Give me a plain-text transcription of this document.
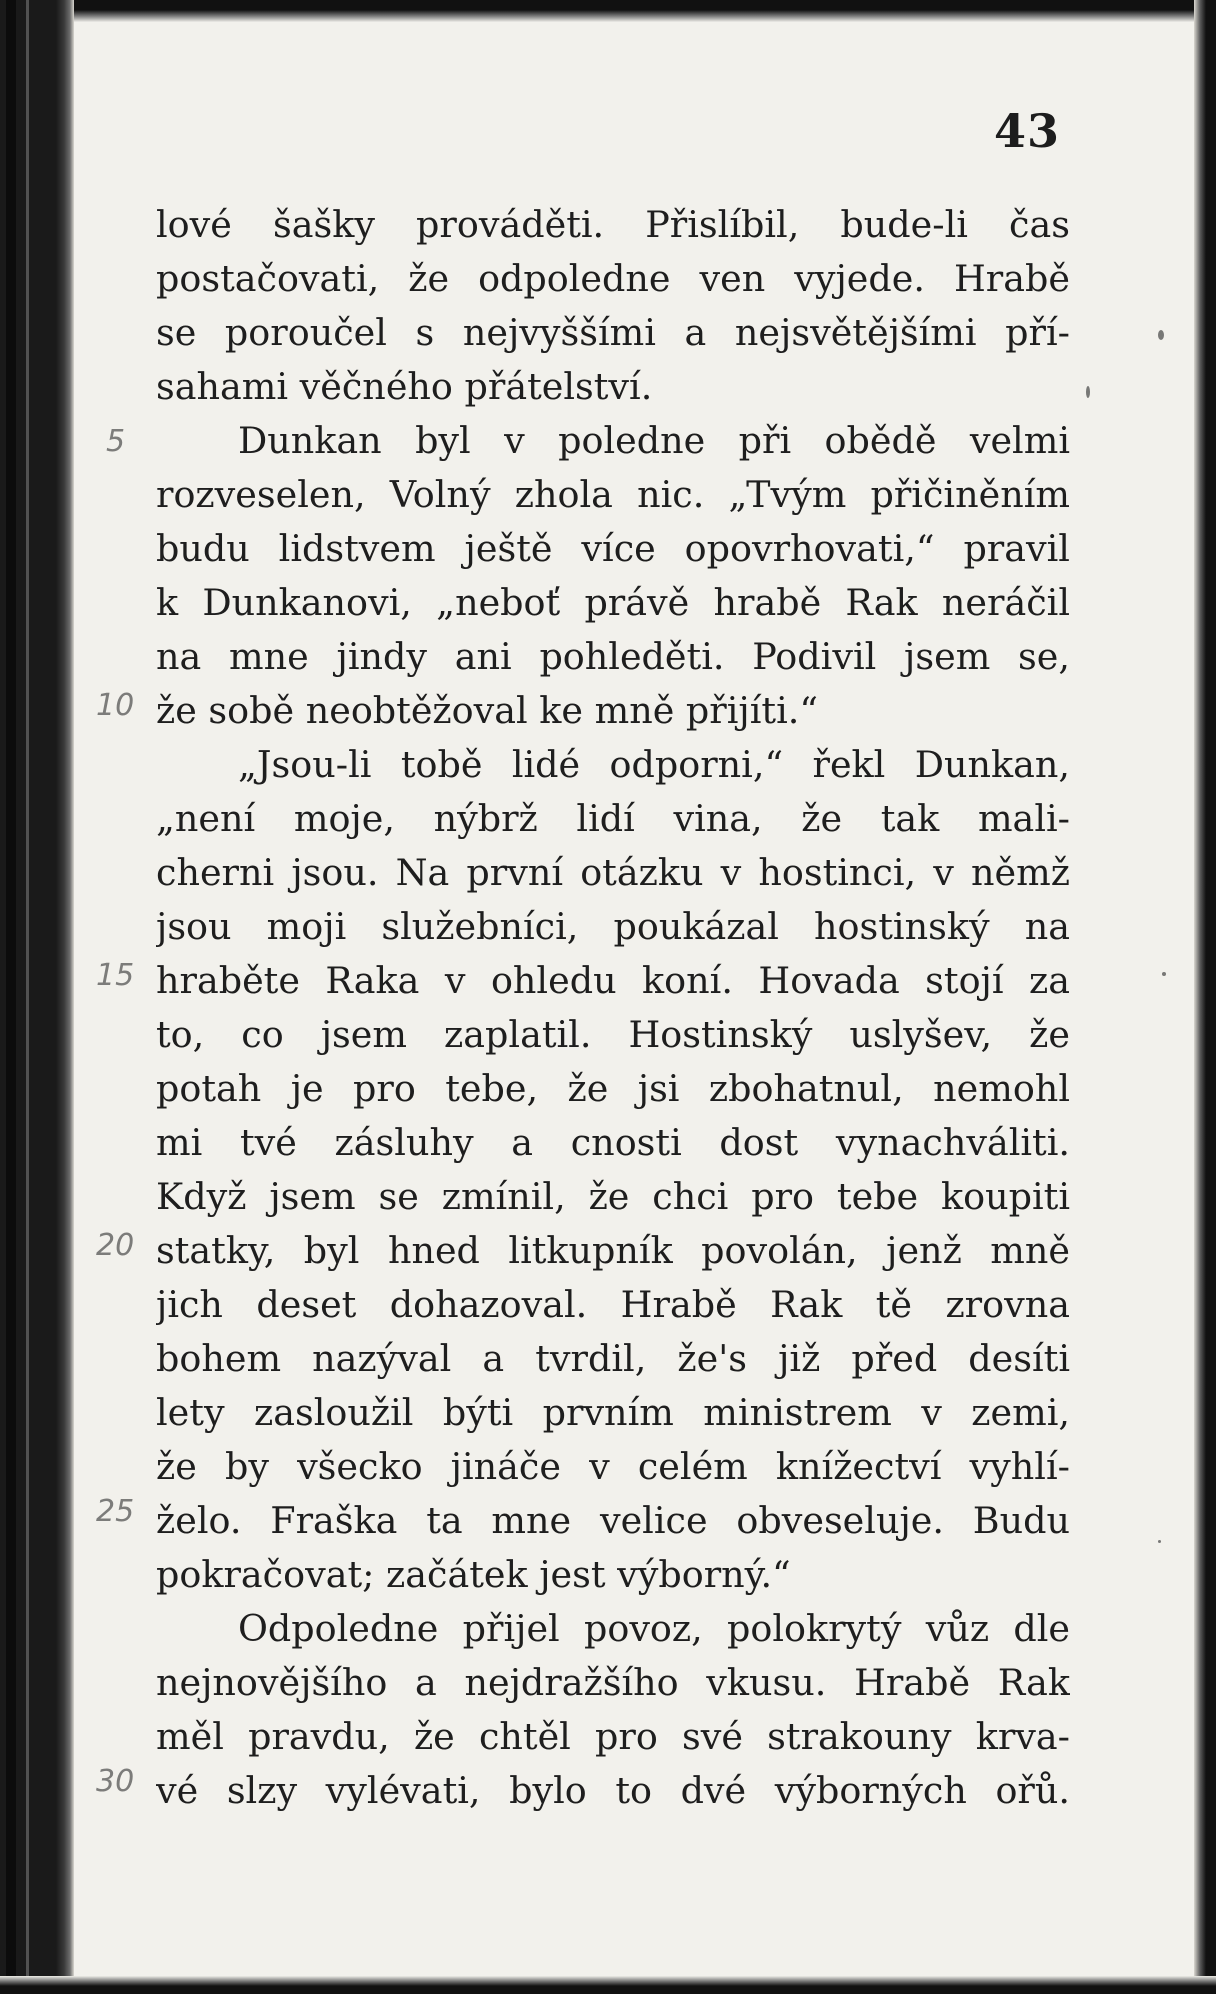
43
5
10
15
20
25
30
lové šašky prováděti. Přislíbil, bude-li čas
postačovati, že odpoledne ven vyjede. Hrabě
se poroučel s nejvyššími a nejsvětějšími pří-
sahami věčného přátelství.
Dunkan byl v poledne při obědě velmi
rozveselen, Volný zhola nic. „Tvým přičiněním
budu lidstvem ještě více opovrhovati,“ pravil
k Dunkanovi, „neboť právě hrabě Rak neráčil
na mne jindy ani pohleděti. Podivil jsem se,
že sobě neobtěžoval ke mně přijíti.“
„Jsou-li tobě lidé odporni,“ řekl Dunkan,
„není moje, nýbrž lidí vina, že tak mali-
cherni jsou. Na první otázku v hostinci, v němž
jsou moji služebníci, poukázal hostinský na
hraběte Raka v ohledu koní. Hovada stojí za
to, co jsem zaplatil. Hostinský uslyšev, že
potah je pro tebe, že jsi zbohatnul, nemohl
mi tvé zásluhy a cnosti dost vynachváliti.
Když jsem se zmínil, že chci pro tebe koupiti
statky, byl hned litkupník povolán, jenž mně
jich deset dohazoval. Hrabě Rak tě zrovna
bohem nazýval a tvrdil, že's již před desíti
lety zasloužil býti prvním ministrem v zemi,
že by všecko jináče v celém knížectví vyhlí-
želo. Fraška ta mne velice obveseluje. Budu
pokračovat; začátek jest výborný.“
Odpoledne přijel povoz, polokrytý vůz dle
nejnovějšího a nejdražšího vkusu. Hrabě Rak
měl pravdu, že chtěl pro své strakouny krva-
vé slzy vylévati, bylo to dvé výborných ořů.
